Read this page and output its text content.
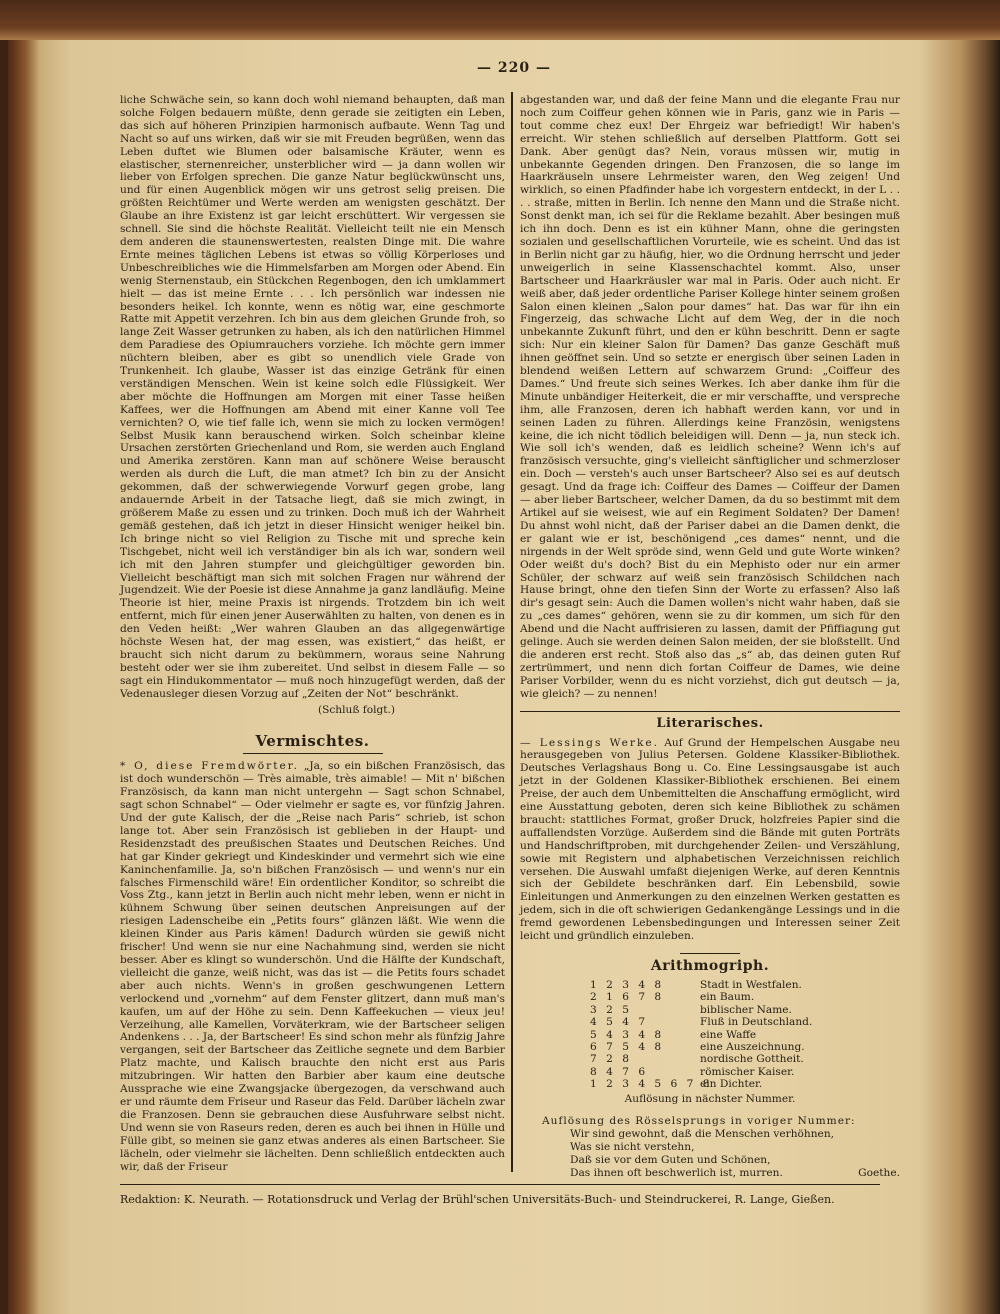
— 220 —

liche Schwäche sein, so kann doch wohl niemand behaupten, daß man solche Folgen bedauern müßte, denn gerade sie zeitigten ein Leben, das sich auf höheren Prinzipien harmonisch aufbaute. Wenn Tag und Nacht so auf uns wirken, daß wir sie mit Freuden begrüßen, wenn das Leben duftet wie Blumen oder balsamische Kräuter, wenn es elastischer, sternenreicher, unsterblicher wird — ja dann wollen wir lieber von Erfolgen sprechen. Die ganze Natur beglückwünscht uns, und für einen Augenblick mögen wir uns getrost selig preisen. Die größten Reichtümer und Werte werden am wenigsten geschätzt. Der Glaube an ihre Existenz ist gar leicht erschüttert. Wir vergessen sie schnell. Sie sind die höchste Realität. Vielleicht teilt nie ein Mensch dem anderen die staunenswertesten, realsten Dinge mit. Die wahre Ernte meines täglichen Lebens ist etwas so völlig Körperloses und Unbeschreibliches wie die Himmelsfarben am Morgen oder Abend. Ein wenig Sternenstaub, ein Stückchen Regenbogen, den ich umklammert hielt — das ist meine Ernte . . . Ich persönlich war indessen nie besonders heikel. Ich konnte, wenn es nötig war, eine gesch​morte Ratte mit Appetit verzehren. Ich bin aus dem gleichen Grunde froh, so lange Zeit Wasser getrunken zu haben, als ich den natürlichen Himmel dem Paradiese des Opiumrauchers vorziehe. Ich möchte gern immer nüchtern bleiben, aber es gibt so unendlich viele Grade von Trunkenheit. Ich glaube, Wasser ist das einzige Getränk für einen verständigen Menschen. Wein ist keine solch edle Flüssigkeit. Wer aber möchte die Hoffnungen am Morgen mit einer Tasse heißen Kaffees, wer die Hoffnungen am Abend mit einer Kanne voll Tee vernichten? O, wie tief falle ich, wenn sie mich zu locken vermögen! Selbst Musik kann berauschend wirken. Solch scheinbar kleine Ursachen zerstörten Griechenland und Rom, sie werden auch England und Amerika zerstören. Kann man auf schönere Weise berauscht werden als durch die Luft, die man atmet? Ich bin zu der Ansicht gekommen, daß der schwerwiegende Vorwurf gegen grobe, lang andauernde Arbeit in der Tatsache liegt, daß sie mich zwingt, in größerem Maße zu essen und zu trinken. Doch muß ich der Wahrheit gemäß gestehen, daß ich jetzt in dieser Hinsicht weniger heikel bin. Ich bringe nicht so viel Religion zu Tische mit und spreche kein Tischgebet, nicht weil ich verständiger bin als ich war, sondern weil ich mit den Jahren stumpfer und gleichgültiger geworden bin. Vielleicht beschäftigt man sich mit solchen Fragen nur während der Jugendzeit. Wie der Poesie ist diese Annahme ja ganz landläufig. Meine Theorie ist hier, meine Praxis ist nirgends. Trotzdem bin ich weit entfernt, mich für einen jener Auserwählten zu halten, von denen es in den Veden heißt: „Wer wahren Glauben an das allgegenwärtige höchste Wesen hat, der mag essen, was existiert,“ das heißt, er braucht sich nicht darum zu bekümmern, woraus seine Nahrung besteht oder wer sie ihm zubereitet. Und selbst in diesem Falle — so sagt ein Hindukommentator — muß noch hinzugefügt werden, daß der Vedenausleger diesen Vorzug auf „Zeiten der Not“ beschränkt.

(Schluß folgt.)
Vermischtes.

* O, diese Fremdwörter. „Ja, so ein bißchen Französisch, das ist doch wunderschön — Très aimable, très aimable! — Mit n' bißchen Französisch, da kann man nicht untergehn — Sagt schon Schnabel, sagt schon Schnabel“ — Oder vielmehr er sagte es, vor fünfzig Jahren. Und der gute Kalisch, der die „Reise nach Paris“ schrieb, ist schon lange tot. Aber sein Französisch ist geblieben in der Haupt- und Residenzstadt des preußischen Staates und Deutschen Reiches. Und hat gar Kinder gekriegt und Kindeskinder und vermehrt sich wie eine Kaninchenfamilie. Ja, so'n bißchen Französisch — und wenn's nur ein falsches Firmenschild wäre! Ein ordentlicher Konditor, so schreibt die Voss Ztg., kann jetzt in Berlin auch nicht mehr leben, wenn er nicht in kühnem Schwung über seinen deutschen Anpreisungen auf der riesigen Ladenscheibe ein „Petits fours“ glänzen läßt. Wie wenn die kleinen Kinder aus Paris kämen! Dadurch würden sie gewiß nicht frischer! Und wenn sie nur eine Nachahmung sind, werden sie nicht besser. Aber es klingt so wunderschön. Und die Hälfte der Kundschaft, vielleicht die ganze, weiß nicht, was das ist — die Petits fours schadet aber auch nichts. Wenn's in großen geschwungenen Lettern verlockend und „vornehm“ auf dem Fenster glitzert, dann muß man's kaufen, um auf der Höhe zu sein. Denn Kaffeekuchen — vieux jeu! Verzeihung, alle Kamellen, Vorväterkram, wie der Bartscheer seligen Andenkens . . . Ja, der Bartscheer! Es sind schon mehr als fünfzig Jahre vergangen, seit der Bartscheer das Zeitliche segnete und dem Barbier Platz machte, und Kalisch brauchte den nicht erst aus Paris mitzubringen. Wir hatten den Barbier aber kaum eine deutsche Aussprache wie eine Zwangsjacke übergezogen, da verschwand auch er und räumte dem Friseur und Raseur das Feld. Darüber lächeln zwar die Franzosen. Denn sie gebrauchen diese Ausfuhrware selbst nicht. Und wenn sie von Raseurs reden, deren es auch bei ihnen in Hülle und Fülle gibt, so meinen sie ganz etwas anderes als einen Bartscheer. Sie lächeln, oder vielmehr sie lächelten. Denn schließlich entdeckten auch wir, daß der Friseur

abgestanden war, und daß der feine Mann und die elegante Frau nur noch zum Coiffeur gehen können wie in Paris, ganz wie in Paris — tout comme chez eux! Der Ehrgeiz war befriedigt! Wir haben's erreicht. Wir stehen schließlich auf derselben Plattform. Gott sei Dank. Aber genügt das? Nein, voraus müssen wir, mutig in unbekannte Gegenden dringen. Den Franzosen, die so lange im Haarkräuseln unsere Lehrmeister waren, den Weg zeigen! Und wirklich, so einen Pfadfinder habe ich vorgestern entdeckt, in der L . . . . straße, mitten in Berlin. Ich nenne den Mann und die Straße nicht. Sonst denkt man, ich sei für die Reklame bezahlt. Aber besingen muß ich ihn doch. Denn es ist ein kühner Mann, ohne die geringsten sozialen und gesellschaftlichen Vorurteile, wie es scheint. Und das ist in Berlin nicht gar zu häufig, hier, wo die Ordnung herrscht und jeder unweigerlich in seine Klassenschachtel kommt. Also, unser Bartscheer und Haarkräusler war mal in Paris. Oder auch nicht. Er weiß aber, daß jeder ordentliche Pariser Kollege hinter seinem großen Salon einen kleinen „Salon pour dames“ hat. Das war für ihn ein Fingerzeig, das schwache Licht auf dem Weg, der in die noch unbekannte Zukunft führt, und den er kühn beschritt. Denn er sagte sich: Nur ein kleiner Salon für Damen? Das ganze Geschäft muß ihnen geöffnet sein. Und so setzte er energisch über seinen Laden in blendend weißen Lettern auf schwarzem Grund: „Coiffeur des Dames.“ Und freute sich seines Werkes. Ich aber danke ihm für die Minute unbändiger Heiterkeit, die er mir verschaffte, und verspreche ihm, alle Franzosen, deren ich habhaft werden kann, vor und in seinen Laden zu führen. Allerdings keine Französin, wenigstens keine, die ich nicht tödlich beleidigen will. Denn — ja, nun steck ich. Wie soll ich's wenden, daß es leidlich scheine? Wenn ich's auf französisch versuchte, ging's vielleicht sänftiglicher und schmerzloser ein. Doch — versteh's auch unser Bartscheer? Also sei es auf deutsch gesagt. Und da frage ich: Coiffeur des Dames — Coiffeur der Damen — aber lieber Bartscheer, welcher Damen, da du so bestimmt mit dem Artikel auf sie weisest, wie auf ein Regiment Soldaten? Der Damen! Du ahnst wohl nicht, daß der Pariser dabei an die Damen denkt, die er galant wie er ist, beschönigend „ces dames“ nennt, und die nirgends in der Welt spröde sind, wenn Geld und gute Worte winken? Oder weißt du's doch? Bist du ein Mephisto oder nur ein armer Schüler, der schwarz auf weiß sein französisch Schildchen nach Hause bringt, ohne den tiefen Sinn der Worte zu erfassen? Also laß dir's gesagt sein: Auch die Damen wollen's nicht wahr haben, daß sie zu „ces dames“ gehören, wenn sie zu dir kommen, um sich für den Abend und die Nacht auffrisieren zu lassen, damit der Pfiffiagung gut gelinge. Auch sie werden deinen Salon meiden, der sie bloßstellt. Und die anderen erst recht. Stoß also das „s“ ab, das deinen guten Ruf zertrümmert, und nenn dich fortan Coiffeur de Dames, wie deine Pariser Vorbilder, wenn du es nicht vorziehst, dich gut deutsch — ja, wie gleich? — zu nennen!

Literarisches.

— Lessings Werke. Auf Grund der Hempelschen Ausgabe neu herausgegeben von Julius Petersen. Goldene Klassiker-Bibliothek. Deutsches Verlagshaus Bong u. Co. Eine Lessingsausgabe ist auch jetzt in der Goldenen Klassiker-Bibliothek erschienen. Bei einem Preise, der auch dem Unbemittelten die Anschaffung ermöglicht, wird eine Ausstattung geboten, deren sich keine Bibliothek zu schämen braucht: stattliches Format, großer Druck, holzfreies Papier sind die auffallendsten Vorzüge. Außerdem sind die Bände mit guten Porträts und Handschriftproben, mit durchgehender Zeilen- und Verszählung, sowie mit Registern und alphabetischen Verzeichnissen reichlich versehen. Die Auswahl umfaßt diejenigen Werke, auf deren Kenntnis sich der Gebildete beschränken darf. Ein Lebensbild, sowie Einleitungen und Anmerkungen zu den einzelnen Werken gestatten es jedem, sich in die oft schwierigen Gedankengänge Lessings und in die fremd gewordenen Lebensbedingungen und Interessen seiner Zeit leicht und gründlich einzuleben.

Arithmogriph.
1 2 3 4 8	Stadt in Westfalen.
2 1 6 7 8	ein Baum.
3 2 5	biblischer Name.
4 5 4 7	Fluß in Deutschland.
5 4 3 4 8	eine Waffe
6 7 5 4 8	eine Auszeichnung.
7 2 8	nordische Gottheit.
8 4 7 6	römischer Kaiser.
1 2 3 4 5 6 7 8ein Dichter.
Auflösung in nächster Nummer.
Auflösung des Rösselsprungs in voriger Nummer:
Wir sind gewohnt, daß die Menschen verhöhnen,
Was sie nicht verstehn,
Daß sie vor dem Guten und Schönen,
Das ihnen oft beschwerlich ist, murren.	Goethe.
Redaktion: K. Neurath. — Rotationsdruck und Verlag der Brühl'schen Universitäts-Buch- und Steindruckerei, R. Lange, Gießen.
